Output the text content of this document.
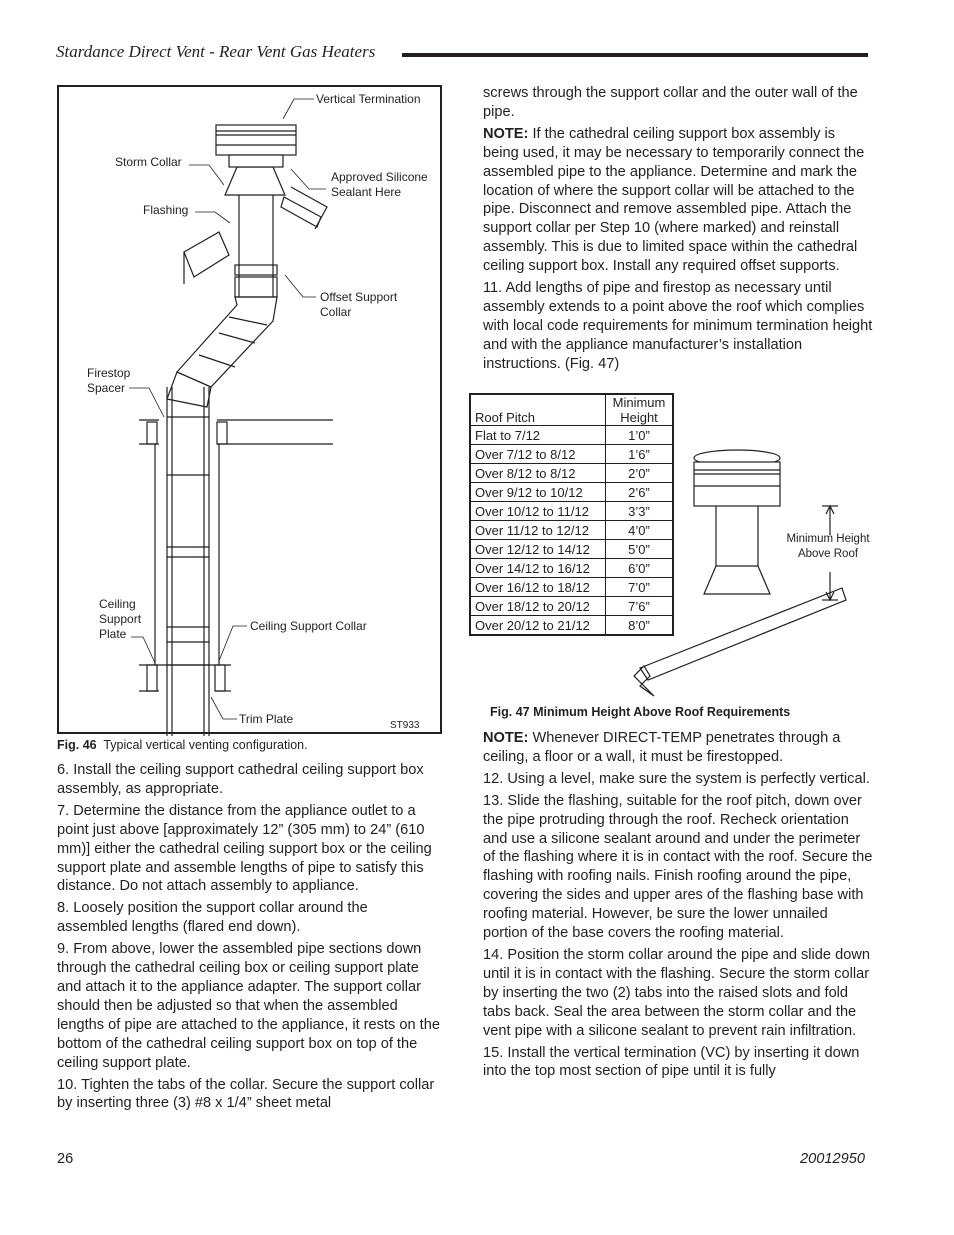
Stardance Direct Vent - Rear Vent Gas Heaters
Vertical Termination
Storm Collar
Approved Silicone
Sealant Here
Flashing
Offset Support
Collar
Firestop
Spacer
Ceiling
Support
Plate
Ceiling Support Collar
Trim Plate	ST933
Fig. 46 Typical vertical venting configuration.

6. Install the ceiling support cathedral ceiling support box assembly, as appropriate.

7. Determine the distance from the appliance outlet to a point just above [approximately 12” (305 mm) to 24” (610 mm)] either the cathedral ceiling support box or the ceiling support plate and assemble lengths of pipe to satisfy this distance. Do not attach assembly to appliance.

8. Loosely position the support collar around the assembled lengths (flared end down).

9. From above, lower the assembled pipe sections down through the cathedral ceiling box or ceiling support plate and attach it to the appliance adapter. The support collar should then be adjusted so that when the assembled lengths of pipe are attached to the appliance, it rests on the bottom of the cathedral ceiling support box on top of the ceiling support plate.

10. Tighten the tabs of the collar. Secure the support collar by inserting three (3) #8 x 1/4” sheet metal

screws through the support collar and the outer wall of the pipe.

NOTE: If the cathedral ceiling support box assembly is being used, it may be necessary to temporarily connect the assembled pipe to the appliance. Determine and mark the location of where the support collar will be attached to the pipe. Disconnect and remove assembled pipe. Attach the support collar per Step 10 (where marked) and reinstall assembly. This is due to limited space within the cathedral ceiling support box. Install any required offset supports.

11. Add lengths of pipe and firestop as necessary until assembly extends to a point above the roof which complies with local code requirements for minimum termination height and with the appliance manufacturer’s installation instructions. (Fig. 47)

Roof Pitch	Minimum
Height
Flat to 7/12	1’0”
Over 7/12 to 8/12	1’6”
Over 8/12 to 8/12	2’0”
Over 9/12 to 10/12	2’6”
Over 10/12 to 11/12	3’3”
Over 11/12 to 12/12	4’0”
Over 12/12 to 14/12	5’0”
Over 14/12 to 16/12	6’0”
Over 16/12 to 18/12	7’0”
Over 18/12 to 20/12	7’6”
Over 20/12 to 21/12	8’0”
Minimum Height
Above Roof
Fig. 47 Minimum Height Above Roof Requirements

NOTE: Whenever DIRECT-TEMP penetrates through a ceiling, a floor or a wall, it must be firestopped.

12. Using a level, make sure the system is perfectly vertical.

13. Slide the flashing, suitable for the roof pitch, down over the pipe protruding through the roof. Recheck orientation and use a silicone sealant around and under the perimeter of the flashing where it is in contact with the roof. Secure the flashing with roofing nails. Finish roofing around the pipe, covering the sides and upper ares of the flashing base with roofing material. However, be sure the lower unnailed portion of the base covers the roofing material.

14. Position the storm collar around the pipe and slide down until it is in contact with the flashing. Secure the storm collar by inserting the two (2) tabs into the raised slots and fold tabs back. Seal the area between the storm collar and the vent pipe with a silicone sealant to prevent rain infiltration.

15. Install the vertical termination (VC) by inserting it down into the top most section of pipe until it is fully

26	20012950
